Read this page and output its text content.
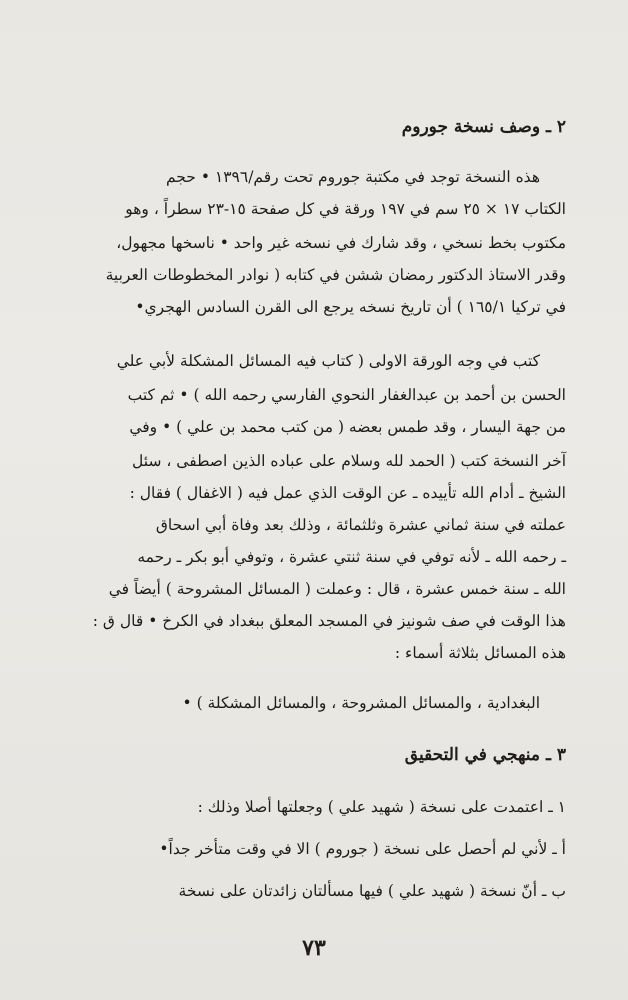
٢ ـ وصف نسخة جوروم
هذه النسخة توجد في مكتبة جوروم تحت رقم/١٣٩٦ • حجم
الكتاب ١٧ × ٢٥ سم في ١٩٧ ورقة في كل صفحة ١٥-٢٣ سطراً ، وهو
مكتوب بخط نسخي ، وقد شارك في نسخه غير واحد • ناسخها مجهول،
وقدر الاستاذ الدكتور رمضان ششن في كتابه ( نوادر المخطوطات العربية
في تركيا ١٦٥/١ ) أن تاريخ نسخه يرجع الى القرن السادس الهجري•
كتب في وجه الورقة الاولى ( كتاب فيه المسائل المشكلة لأبي علي
الحسن بن أحمد بن عبدالغفار النحوي الفارسي رحمه الله ) • ثم كتب
من جهة اليسار ، وقد طمس بعضه ( من كتب محمد بن علي ) • وفي
آخر النسخة كتب ( الحمد لله وسلام على عباده الذين اصطفى ، سئل
الشيخ ـ أدام الله تأييده ـ عن الوقت الذي عمل فيه ( الاغفال ) فقال :
عملته في سنة ثماني عشرة وثلثمائة ، وذلك بعد وفاة أبي اسحاق
ـ رحمه الله ـ لأنه توفي في سنة ثنتي عشرة ، وتوفي أبو بكر ـ رحمه
الله ـ سنة خمس عشرة ، قال : وعملت ( المسائل المشروحة ) أيضاً في
هذا الوقت في صف شونيز في المسجد المعلق ببغداد في الكرخ • قال ق :
هذه المسائل بثلاثة أسماء :
البغدادية ، والمسائل المشروحة ، والمسائل المشكلة ) •
٣ ـ منهجي في التحقيق
١ ـ اعتمدت على نسخة ( شهيد علي ) وجعلتها أصلا وذلك :
أ ـ لأني لم أحصل على نسخة ( جوروم ) الا في وقت متأخر جداً•
ب ـ أنّ نسخة ( شهيد علي ) فيها مسألتان زائدتان على نسخة
٧٣
